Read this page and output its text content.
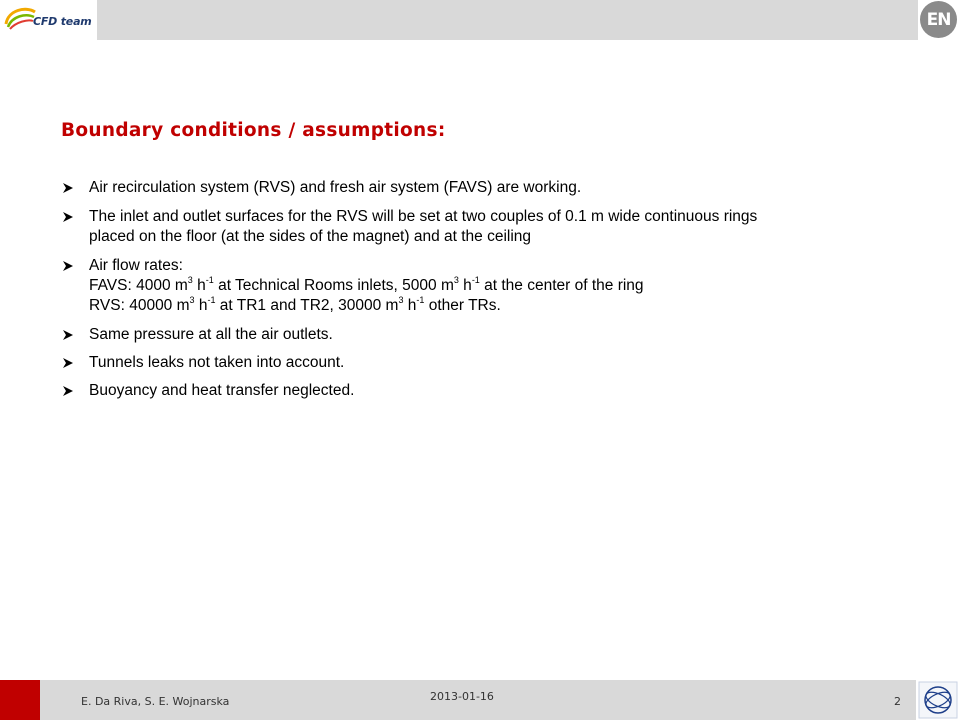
CFD team	EN
Boundary conditions / assumptions:
Air recirculation system (RVS) and fresh air system (FAVS) are working.
The inlet and outlet surfaces for the RVS will be set at two couples of 0.1 m wide continuous rings
placed on the floor (at the sides of the magnet) and at the ceiling
Air flow rates:
FAVS: 4000 $m^3$ $h^{-1}$ at Technical Rooms inlets, 5000 $m^3$ $h^{-1}$ at the center of the ring
RVS: 40000 $m^3$ $h^{-1}$ at TR1 and TR2, 30000 $m^3$ $h^{-1}$ other TRs.
Same pressure at all the air outlets.
Tunnels leaks not taken into account.
Buoyancy and heat transfer neglected.
E. Da Riva, S. E. Wojnarska	2013-01-16	2
